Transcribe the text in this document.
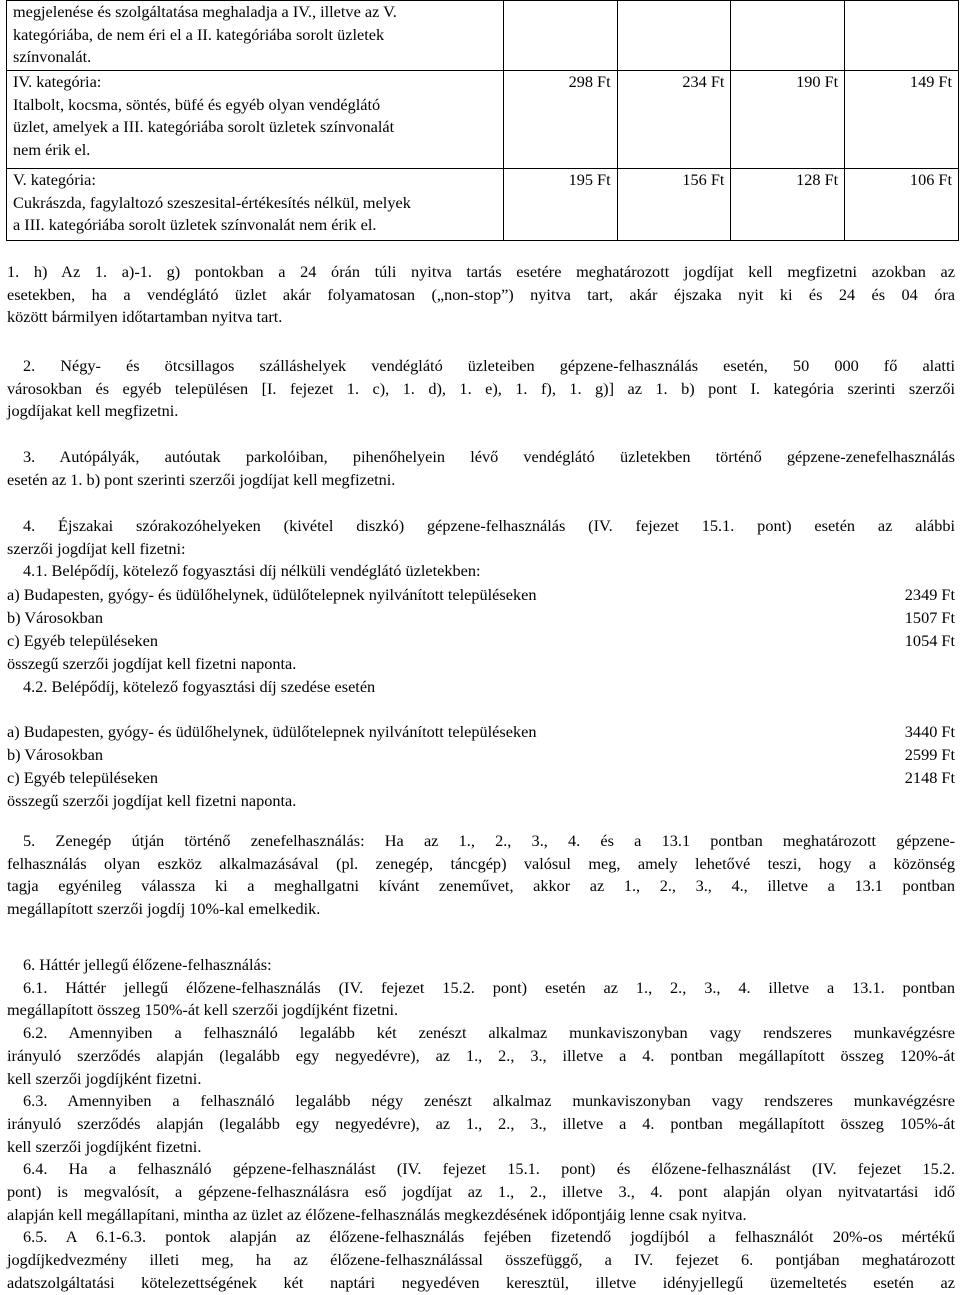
megjelenése és szolgáltatása meghaladja a IV., illetve az V.
kategóriába, de nem éri el a II. kategóriába sorolt üzletek
színvonalát.				

IV. kategória:
Italbolt, kocsma, söntés, büfé és egyéb olyan vendéglátó
üzlet, amelyek a III. kategóriába sorolt üzletek színvonalát
nem érik el.	298 Ft	234 Ft	190 Ft	149 Ft

V. kategória:
Cukrászda, fagylaltozó szeszesital-értékesítés nélkül, melyek
a III. kategóriába sorolt üzletek színvonalát nem érik el.	195 Ft	156 Ft	128 Ft	106 Ft
1. h) Az 1. a)-1. g) pontokban a 24 órán túli nyitva tartás esetére meghatározott jogdíjat kell megfizetni azokban az
esetekben, ha a vendéglátó üzlet akár folyamatosan („non-stop”) nyitva tart, akár éjszaka nyit ki és 24 és 04 óra
között bármilyen időtartamban nyitva tart.
2. Négy- és ötcsillagos szálláshelyek vendéglátó üzleteiben gépzene-felhasználás esetén, 50 000 fő alatti
városokban és egyéb településen [I. fejezet 1. c), 1. d), 1. e), 1. f), 1. g)] az 1. b) pont I. kategória szerinti szerzői
jogdíjakat kell megfizetni.
3. Autópályák, autóutak parkolóiban, pihenőhelyein lévő vendéglátó üzletekben történő gépzene-zenefelhasználás
esetén az 1. b) pont szerinti szerzői jogdíjat kell megfizetni.
4. Éjszakai szórakozóhelyeken (kivétel diszkó) gépzene-felhasználás (IV. fejezet 15.1. pont) esetén az alábbi
szerzői jogdíjat kell fizetni:
4.1. Belépődíj, kötelező fogyasztási díj nélküli vendéglátó üzletekben:
a) Budapesten, gyógy- és üdülőhelynek, üdülőtelepnek nyilvánított településeken	2349 Ft
b) Városokban	1507 Ft
c) Egyéb településeken	1054 Ft
összegű szerzői jogdíjat kell fizetni naponta.
4.2. Belépődíj, kötelező fogyasztási díj szedése esetén
a) Budapesten, gyógy- és üdülőhelynek, üdülőtelepnek nyilvánított településeken	3440 Ft
b) Városokban	2599 Ft
c) Egyéb településeken	2148 Ft
összegű szerzői jogdíjat kell fizetni naponta.
5. Zenegép útján történő zenefelhasználás: Ha az 1., 2., 3., 4. és a 13.1 pontban meghatározott gépzene-
felhasználás olyan eszköz alkalmazásával (pl. zenegép, táncgép) valósul meg, amely lehetővé teszi, hogy a közönség
tagja egyénileg válassza ki a meghallgatni kívánt zeneművet, akkor az 1., 2., 3., 4., illetve a 13.1 pontban
megállapított szerzői jogdíj 10%-kal emelkedik.
6. Háttér jellegű élőzene-felhasználás:
6.1. Háttér jellegű élőzene-felhasználás (IV. fejezet 15.2. pont) esetén az 1., 2., 3., 4. illetve a 13.1. pontban
megállapított összeg 150%-át kell szerzői jogdíjként fizetni.
6.2. Amennyiben a felhasználó legalább két zenészt alkalmaz munkaviszonyban vagy rendszeres munkavégzésre
irányuló szerződés alapján (legalább egy negyedévre), az 1., 2., 3., illetve a 4. pontban megállapított összeg 120%-át
kell szerzői jogdíjként fizetni.
6.3. Amennyiben a felhasználó legalább négy zenészt alkalmaz munkaviszonyban vagy rendszeres munkavégzésre
irányuló szerződés alapján (legalább egy negyedévre), az 1., 2., 3., illetve a 4. pontban megállapított összeg 105%-át
kell szerzői jogdíjként fizetni.
6.4. Ha a felhasználó gépzene-felhasználást (IV. fejezet 15.1. pont) és élőzene-felhasználást (IV. fejezet 15.2.
pont) is megvalósít, a gépzene-felhasználásra eső jogdíjat az 1., 2., illetve 3., 4. pont alapján olyan nyitvatartási idő
alapján kell megállapítani, mintha az üzlet az élőzene-felhasználás megkezdésének időpontjáig lenne csak nyitva.
6.5. A 6.1-6.3. pontok alapján az élőzene-felhasználás fejében fizetendő jogdíjból a felhasználót 20%-os mértékű
jogdíjkedvezmény illeti meg, ha az élőzene-felhasználással összefüggő, a IV. fejezet 6. pontjában meghatározott
adatszolgáltatási kötelezettségének két naptári negyedéven keresztül, illetve idényjellegű üzemeltetés esetén az
